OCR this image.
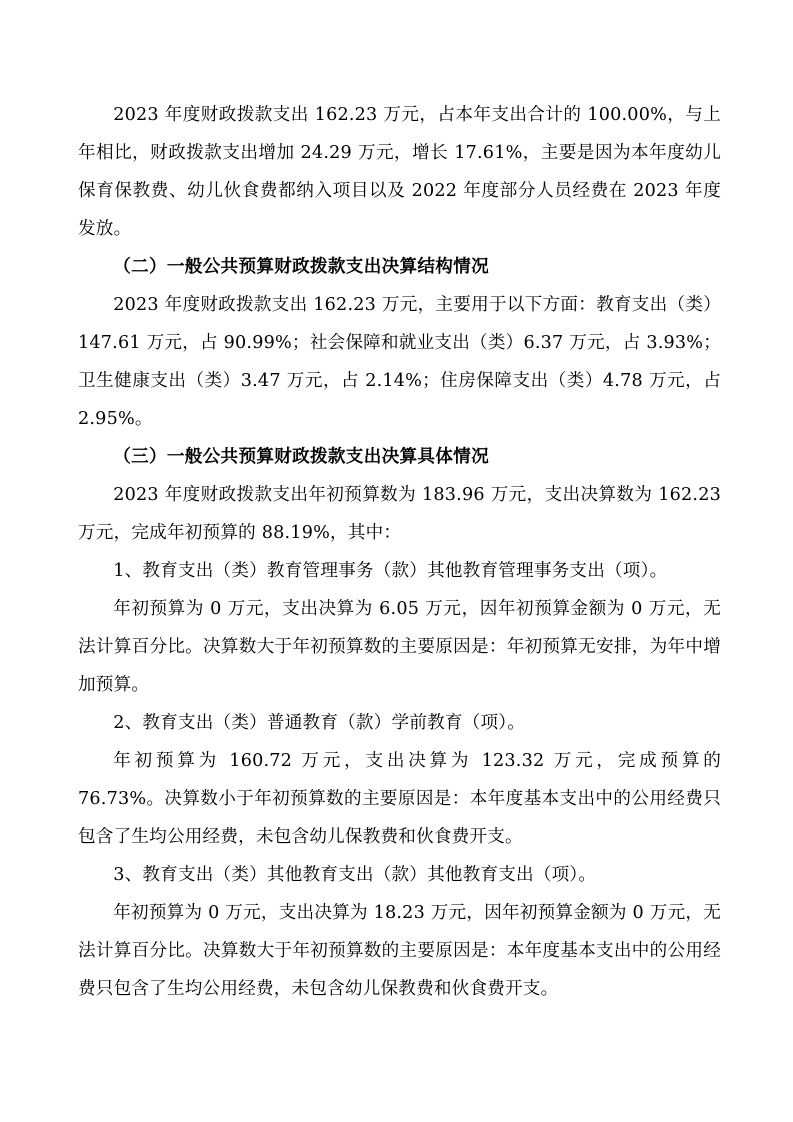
2023 年度财政拨款支出 162.23 万元，占本年支出合计的 100.00%，与上年相比，财政拨款支出增加 24.29 万元，增长 17.61%，主要是因为本年度幼儿保育保教费、幼儿伙食费都纳入项目以及 2022 年度部分人员经费在 2023 年度发放。

（二）一般公共预算财政拨款支出决算结构情况

2023 年度财政拨款支出 162.23 万元，主要用于以下方面：教育支出（类）147.61 万元，占 90.99%；社会保障和就业支出（类）6.37 万元，占 3.93%；卫生健康支出（类）3.47 万元，占 2.14%；住房保障支出（类）4.78 万元，占 2.95%。

（三）一般公共预算财政拨款支出决算具体情况

2023 年度财政拨款支出年初预算数为 183.96 万元，支出决算数为 162.23 万元，完成年初预算的 88.19%，其中：

1、教育支出（类）教育管理事务（款）其他教育管理事务支出（项）。

年初预算为 0 万元，支出决算为 6.05 万元，因年初预算金额为 0 万元，无法计算百分比。决算数大于年初预算数的主要原因是：年初预算无安排，为年中增加预算。

2、教育支出（类）普通教育（款）学前教育（项）。

年初预算为 160.72 万元，支出决算为 123.32 万元，完成预算的 76.73%。决算数小于年初预算数的主要原因是：本年度基本支出中的公用经费只包含了生均公用经费，未包含幼儿保教费和伙食费开支。

3、教育支出（类）其他教育支出（款）其他教育支出（项）。

年初预算为 0 万元，支出决算为 18.23 万元，因年初预算金额为 0 万元，无法计算百分比。决算数大于年初预算数的主要原因是：本年度基本支出中的公用经费只包含了生均公用经费，未包含幼儿保教费和伙食费开支。
